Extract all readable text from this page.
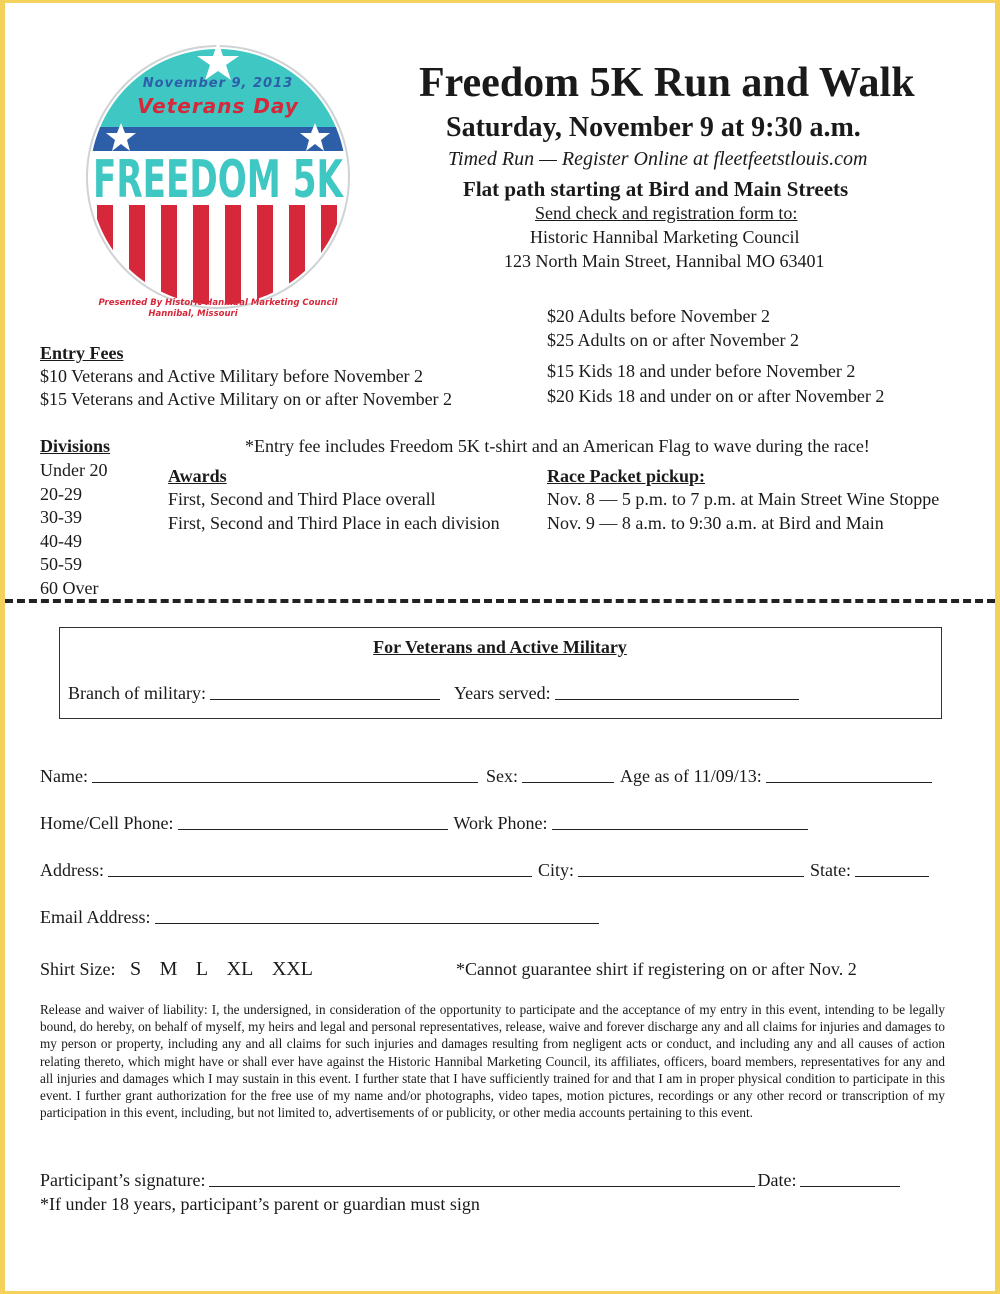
November 9, 2013
Veterans Day
FREEDOM 5K
Presented By Historic Hannibal Marketing Council
Hannibal, Missouri
Freedom 5K Run and Walk
Saturday, November 9 at 9:30 a.m.
Timed Run — Register Online at fleetfeetstlouis.com
Flat path starting at Bird and Main Streets
Send check and registration form to:
Historic Hannibal Marketing Council
123 North Main Street, Hannibal MO 63401
$20 Adults before November 2
$25 Adults on or after November 2
$15 Kids 18 and under before November 2
$20 Kids 18 and under on or after November 2
Entry Fees
$10 Veterans and Active Military before November 2
$15 Veterans and Active Military on or after November 2
Divisions	*Entry fee includes Freedom 5K t-shirt and an American Flag to wave during the race!
Under 20
20-29
30-39
40-49
50-59
60 Over
Awards
First, Second and Third Place overall
First, Second and Third Place in each division
Race Packet pickup:
Nov. 8 — 5 p.m. to 7 p.m. at Main Street Wine Stoppe
Nov. 9 — 8 a.m. to 9:30 a.m. at Bird and Main
For Veterans and Active Military
Branch of military:	Years served:
Name:	Sex:	Age as of 11/09/13:
Home/Cell Phone:	Work Phone:
Address:	City:	State:
Email Address:
Shirt Size: S M L XL XXL	*Cannot guarantee shirt if registering on or after Nov. 2
Release and waiver of liability: I, the undersigned, in consideration of the opportunity to participate and the acceptance of my entry in this event, intending to be legally bound, do hereby, on behalf of myself, my heirs and legal and personal representatives, release, waive and forever discharge any and all claims for injuries and damages to my person or property, including any and all claims for such injuries and damages resulting from negligent acts or conduct, and including any and all causes of action relating thereto, which might have or shall ever have against the Historic Hannibal Marketing Council, its affiliates, officers, board members, representatives for any and all injuries and damages which I may sustain in this event. I further state that I have sufficiently trained for and that I am in proper physical condition to participate in this event. I further grant authorization for the free use of my name and/or photographs, video tapes, motion pictures, recordings or any other record or transcription of my participation in this event, including, but not limited to, advertisements of or publicity, or other media accounts pertaining to this event.
Participant’s signature:	Date:
*If under 18 years, participant’s parent or guardian must sign
